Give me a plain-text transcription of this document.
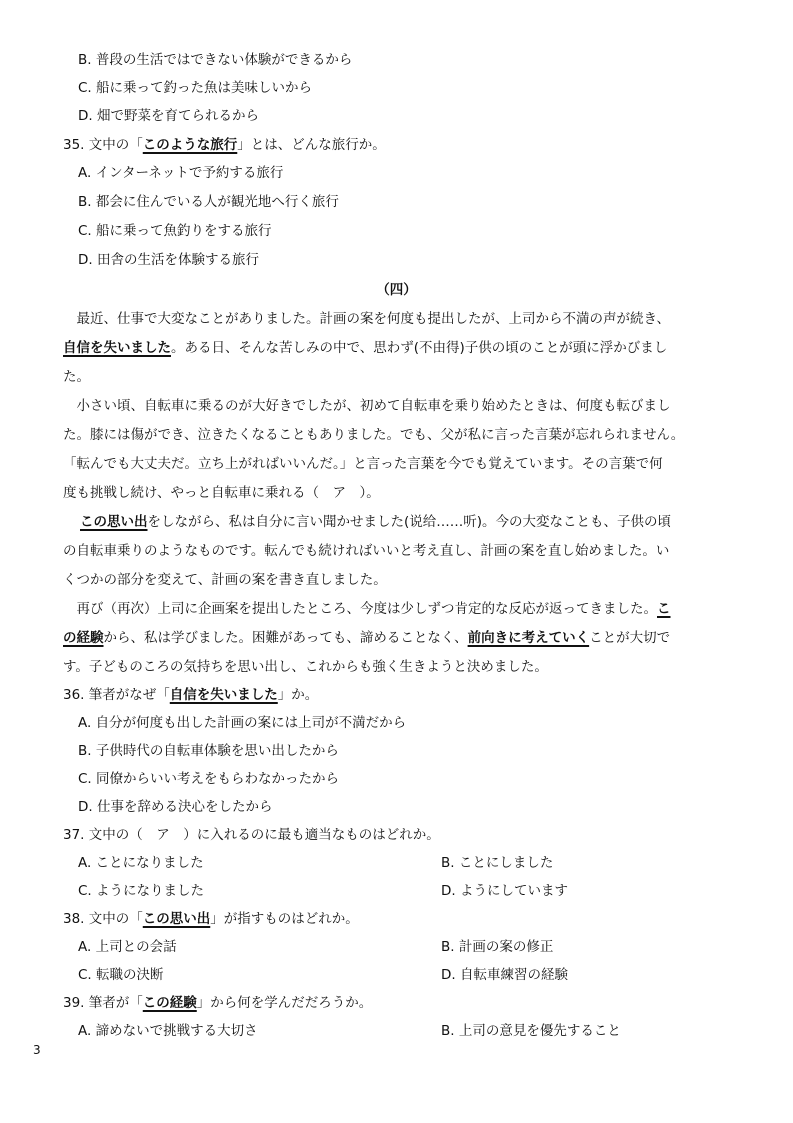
B. 普段の生活ではできない体験ができるから
C. 船に乗って釣った魚は美味しいから
D. 畑で野菜を育てられるから
35. 文中の「このような旅行」とは、どんな旅行か。
A. インターネットで予約する旅行
B. 都会に住んでいる人が観光地へ行く旅行
C. 船に乗って魚釣りをする旅行
D. 田舎の生活を体験する旅行
（四）
　最近、仕事で大変なことがありました。計画の案を何度も提出したが、上司から不満の声が続き、
自信を失いました。ある日、そんな苦しみの中で、思わず(不由得)子供の頃のことが頭に浮かびまし
た。
　小さい頃、自転車に乗るのが大好きでしたが、初めて自転車を乗り始めたときは、何度も転びまし
た。膝には傷ができ、泣きたくなることもありました。でも、父が私に言った言葉が忘れられません。
「転んでも大丈夫だ。立ち上がればいいんだ。」と言った言葉を今でも覚えています。その言葉で何
度も挑戦し続け、やっと自転車に乗れる（　ア　）。
この思い出をしながら、私は自分に言い聞かせました(说给……听)。今の大変なことも、子供の頃
の自転車乗りのようなものです。転んでも続ければいいと考え直し、計画の案を直し始めました。い
くつかの部分を変えて、計画の案を書き直しました。
　再び（再次）上司に企画案を提出したところ、今度は少しずつ肯定的な反応が返ってきました。こ
の経験から、私は学びました。困難があっても、諦めることなく、前向きに考えていくことが大切で
す。子どものころの気持ちを思い出し、これからも強く生きようと決めました。
36. 筆者がなぜ「自信を失いました」か。
A. 自分が何度も出した計画の案には上司が不満だから
B. 子供時代の自転車体験を思い出したから
C. 同僚からいい考えをもらわなかったから
D. 仕事を辞める決心をしたから
37. 文中の（　ア　）に入れるのに最も適当なものはどれか。
A. ことになりました	B. ことにしました
C. ようになりました	D. ようにしています
38. 文中の「この思い出」が指すものはどれか。
A. 上司との会話	B. 計画の案の修正
C. 転職の決断	D. 自転車練習の経験
39. 筆者が「この経験」から何を学んだだろうか。
A. 諦めないで挑戦する大切さ	B. 上司の意見を優先すること
3
